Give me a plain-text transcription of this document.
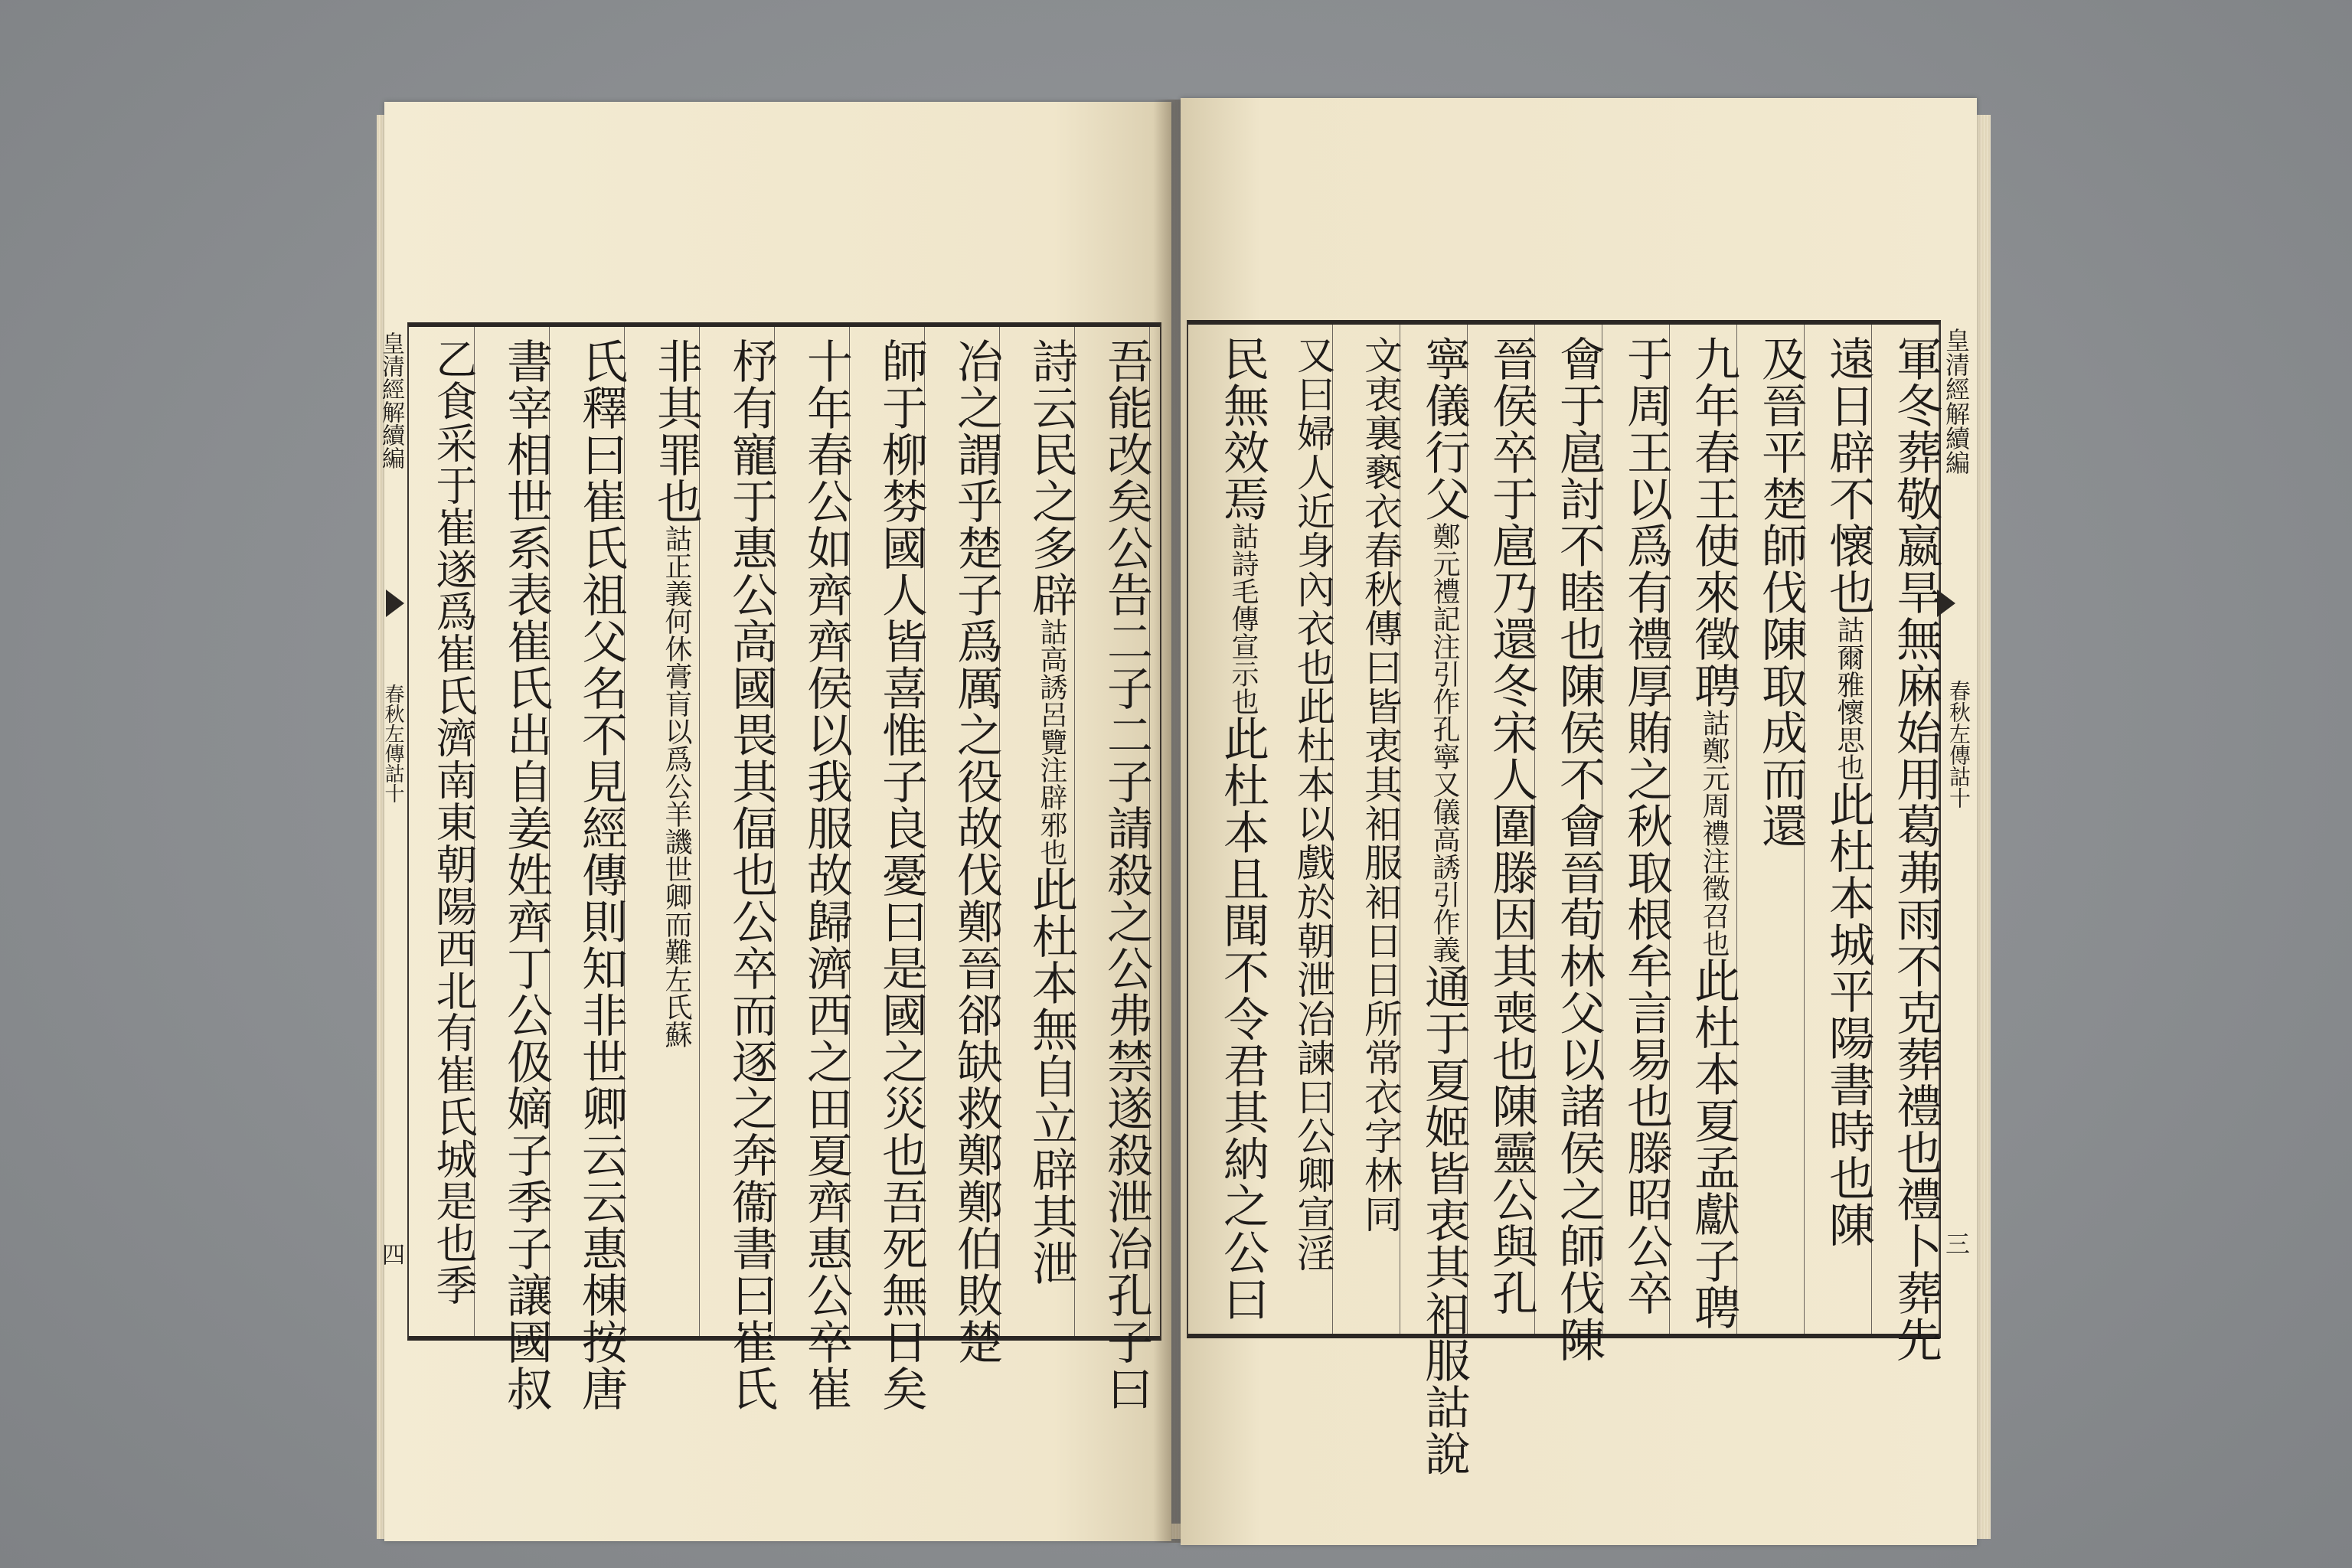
吾能改矣公告二子二子請殺之公弗禁遂殺泄冶孔子曰
詩云民之多辟詁高誘呂覽注辟邪也此杜本無自立辟其泄
冶之謂乎楚子爲厲之役故伐鄭晉郤缺救鄭鄭伯敗楚
師于柳棼國人皆喜惟子良憂曰是國之災也吾死無日矣
十年春公如齊齊侯以我服故歸濟西之田夏齊惠公卒崔
杼有寵于惠公高國畏其偪也公卒而逐之奔衞書曰崔氏
非其罪也詁正義何休膏肓以爲公羊譏世卿而難左氏蘇
氏釋曰崔氏祖父名不見經傳則知非世卿云云惠棟按唐
書宰相世系表崔氏出自姜姓齊丁公伋嫡子季子讓國叔
乙食采于崔遂爲崔氏濟南東朝陽西北有崔氏城是也季
皇清經解續編
春秋左傳詁十
四	軍冬葬敬嬴旱無麻始用葛茀雨不克葬禮也禮卜葬先
遠日辟不懷也詁爾雅懷思也此杜本城平陽書時也陳
及晉平楚師伐陳取成而還
九年春王使來徵聘詁鄭元周禮注徵召也此杜本夏孟獻子聘
于周王以爲有禮厚賄之秋取根牟言易也滕昭公卒
會于扈討不睦也陳侯不會晉荀林父以諸侯之師伐陳
晉侯卒于扈乃還冬宋人圍滕因其喪也陳靈公與孔
寧儀行父鄭元禮記注引作孔寧又儀高誘引作義通于夏姬皆衷其衵服詁說
文衷裏褻衣春秋傳曰皆衷其衵服衵日日所常衣字林同
又曰婦人近身內衣也此杜本以戲於朝泄冶諫曰公卿宣淫
民無效焉詁詩毛傳宣示也此杜本且聞不令君其納之公曰
皇清經解續編
春秋左傳詁十
三
